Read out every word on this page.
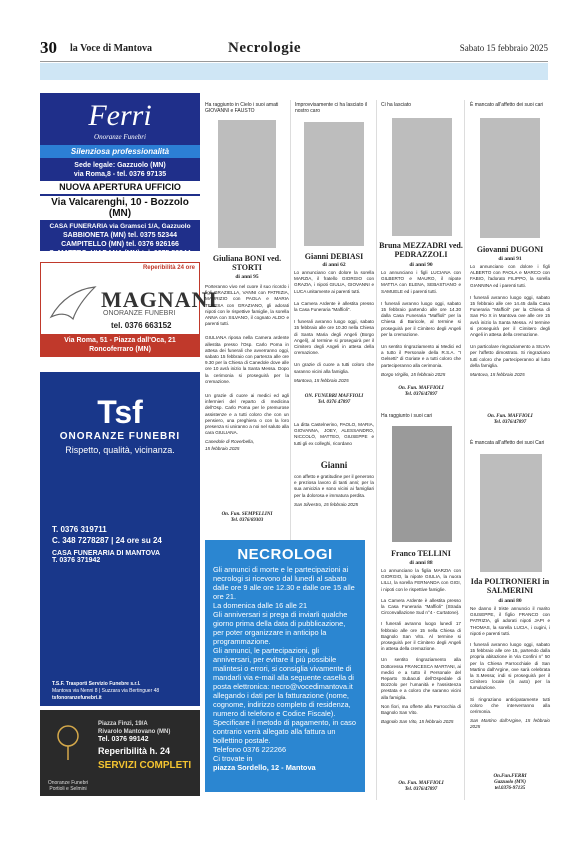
30 la Voce di Mantova	Necrologie	Sabato 15 febbraio 2025
Ferri
Onoranze Funebri
Silenziosa professionalità
Sede legale: Gazzuolo (MN)
via Roma,8 - tel. 0376 97135
NUOVA APERTURA UFFICIO
Via Valcarenghi, 10 - Bozzolo (MN)
CASA FUNERARIA via Gramsci 1/A, Gazzuolo
SABBIONETA (MN) tel. 0375 52344
CAMPITELLO (MN) tel. 0376 926166
S. MATTEO, VIADANA (MN) tel. 0375 52344
Reperibilità 24 ore
MAGNANI
ONORANZE FUNEBRI
tel. 0376 663152
Via Roma, 51 - Piazza dall'Oca, 21
Roncoferraro (MN)
Tsf
ONORANZE FUNEBRI
Rispetto, qualità, vicinanza.
T. 0376 319711
C. 348 7278287 | 24 ore su 24
CASA FUNERARIA DI MANTOVA
T. 0376 371942
T.S.F. Trasporti Servizio Funebre s.r.l.
Mantova via Nenni 8 | Suzzara via Bertinguer 48
tsfonoranzefunebri.it
Onoranze Funebri
Portioli e Selmini
Piazza Finzi, 19/A
Rivarolo Mantovano (MN)
Tel. 0376 99142
Reperibilità h. 24
SERVIZI COMPLETI
Ha raggiunto in Cielo i suoi amati GIOVANNI e FAUSTO
Giuliana BONI ved. STORTI
di anni 95

Porteranno vivo nel cuore il suo ricordo i figli GRAZIELLA, VANNI con PATRIZIA, MAURIZIO con PAOLA e MARIA TERESA con GRAZIANO, gli adorati nipoti con le rispettive famiglie, la sorella ANNA con SILVANO, il cognato ALDO e parenti tutti.

GIULIANA riposa nella Camera ardente allestita presso l'Osp. Carlo Poma in attesa dei funerali che avverranno oggi, sabato 15 febbraio con partenza alle ore 9.30 per la Chiesa di Canedole dove alle ore 10 avrà inizio la Santa Messa. Dopo la cerimonia si proseguirà per la cremazione.

Un grazie di cuore ai medici ed agli infermieri del reparto di medicina dell'Osp. Carlo Poma per le premurose assistenze e a tutti coloro che con un pensiero, una preghiera o con la loro presenza si uniranno a noi nel saluto alla cara GIULIANA.

Canedole di Roverbella,
15 febbraio 2025

On. Fun. SEMPELLINI
Tel. 0376/69303
Improvvisamente ci ha lasciato il nostro caro
Gianni DEBIASI
di anni 62

Lo annunciano con dolore la sorella MARZIA, il fratello GIORGIO con GRAZIA, i nipoti GIULIA, GIOVANNI e LUCA unitamente ai parenti tutti.

La Camera Ardente è allestita presso la Casa Funeraria "Maffioli".

I funerali avranno luogo oggi, sabato 15 febbraio alle ore 10.30 nella Chiesa di Santa Maria degli Angeli (Borgo Angeli), al termine si proseguirà per il Cimitero degli Angeli in attesa della cremazione.

Un grazie di cuore a tutti coloro che saranno vicini alla famiglia.

Mantova, 15 febbraio 2025

ON. FUNEBRI MAFFIOLI
Tel. 0376 47897

La ditta Castelnerino, PAOLO, MARIA, GIOVANNA, JOEY, ALESSANDRO, NICCOLÒ, MATTEO, GIUSEPPE e tutti gli ex colleghi, ricordano

Gianni

con affetto e gratitudine per il generoso e preziosa lavoro di tanti anni; per la sua amicizia e sono vicini ai famigliari per la dolorosa e immatura perdita.

San Silvestro, 15 febbraio 2025

NECROLOGI
Gli annunci di morte e le partecipazioni ai necrologi si ricevono dal lunedì al sabato dalle ore 9 alle ore 12.30 e dalle ore 15 alle ore 21.
La domenica dalle 16 alle 21
Gli anniversari si prega di inviarli qualche giorno prima della data di pubblicazione, per poter organizzare in anticipo la programmazione.
Gli annunci, le partecipazioni, gli anniversari, per evitare il più possibile malintesi o errori, si consiglia vivamente di mandarli via e-mail alla seguente casella di posta elettronica: necro@vocedimantova.it allegando i dati per la fatturazione (nome, cognome, indirizzo completo di residenza, numero di telefono e Codice Fiscale).
Specificare il metodo di pagamento, in caso contrario verrà allegato alla fattura un bollettino postale.
Telefono 0376 222266
Ci trovate in
piazza Sordello, 12 - Mantova
Ci ha lasciato
Bruna MEZZADRI ved. PEDRAZZOLI
di anni 90

Lo annunciano i figli LUCIANA con GILBERTO e MAURO, il nipote MATTIA con ELENA, SEBASTIANO e SAMUELE ed i parenti tutti.

I funerali avranno luogo oggi, sabato 15 febbraio partendo alle ore 14.30 dalla Casa Funeraria "Maffioli" per la Chiesa di Baricole, al termine si proseguirà per il Cimitero degli Angeli per la cremazione.

Un sentito ringraziamento ai Medici ed a tutto il Personale della R.S.A. "I Gelsetti" di Goriate e a tutti coloro che parteciperanno alla cerimonia.

Borgo Virgilio, 15 febbraio 2025

On. Fun. MAFFIOLI
Tel. 0376/47897
Ha raggiunto i suoi cari
Franco TELLINI
di anni 88

Lo annunciano la figlia MARZIA con GIORGIO, la nipote GIULIA, la nuora LILLI, la sorella FERNANDA con GIGI, i nipoti con le rispettive famiglie.

La Camera Ardente è allestita presso la Casa Funeraria "Maffioli" (Strada Circonvallazione Sud n°4 - Curtatone).

I funerali avranno luogo lunedì 17 febbraio alle ore 15 nella Chiesa di Bagnolo San Vito. Al termine si proseguirà per il Cimitero degli Angeli in attesa della cremazione.

Un sentito ringraziamento alla Dottoressa FRANCESCA MARTANI, ai medici e a tutto il Personale del Reparto Subacuti dell'Ospedale di Bozzolo per l'umanità e l'assistenza prestata e a coloro che saranno vicini alla famiglia.

Non fiori, ma offerte alla Parrocchia di Bagnolo San Vito.

Bagnolo San Vito, 15 febbraio 2025

On. Fun. MAFFIOLI
Tel. 0376/47897
È mancato all'affetto dei suoi cari
Giovanni DUGONI
di anni 91

Lo annunciano con dolore i figli ALBERTO con PAOLA e MARCO con FABIO, l'adorato FILIPPO, la sorella GIANNINA ed i parenti tutti.

I funerali avranno luogo oggi, sabato 15 febbraio alle ore 14.45 dalla Casa Funeraria "Maffioli" per la Chiesa di San Pio X in Mantova ove alle ore 15 avrà inizio la Santa Messa. Al termine si proseguirà per il Cimitero degli Angeli in attesa della cremazione.

Un particolare ringraziamento a SILVIA per l'affetto dimostrato. Si ringraziano tutti coloro che parteciperanno al lutto della famiglia.

Mantova, 15 febbraio 2025

On. Fun. MAFFIOLI
Tel. 0376/47897
È mancata all'affetto dei suoi Cari
Ida POLTRONIERI in SALMERINI
di anni 80

Ne danno il triste annuncio il marito GIUSEPPE, il figlio FRANCO con PATRIZIA, gli adorati nipoti JAPI e THOMAS, la sorella LUCIA, i cugini, i nipoti e parenti tutti.

I funerali avranno luogo oggi, sabato 15 febbraio alle ore 15, partendo dalla propria abitazione in Via Confini n° 50 per la Chiesa Parrocchiale di San Martino dall'Argine, ove sarà celebrata la S.Messa; indi si proseguirà per il Cimitero locale (in auto) per la tumulazione.

Si ringraziano anticipatamente tutti coloro che interverranno alla cerimonia.

San Martino dall'Argine, 15 febbraio 2025

On.Fun.FERRI
Gazzuolo (MN)
tel.0376-97135
